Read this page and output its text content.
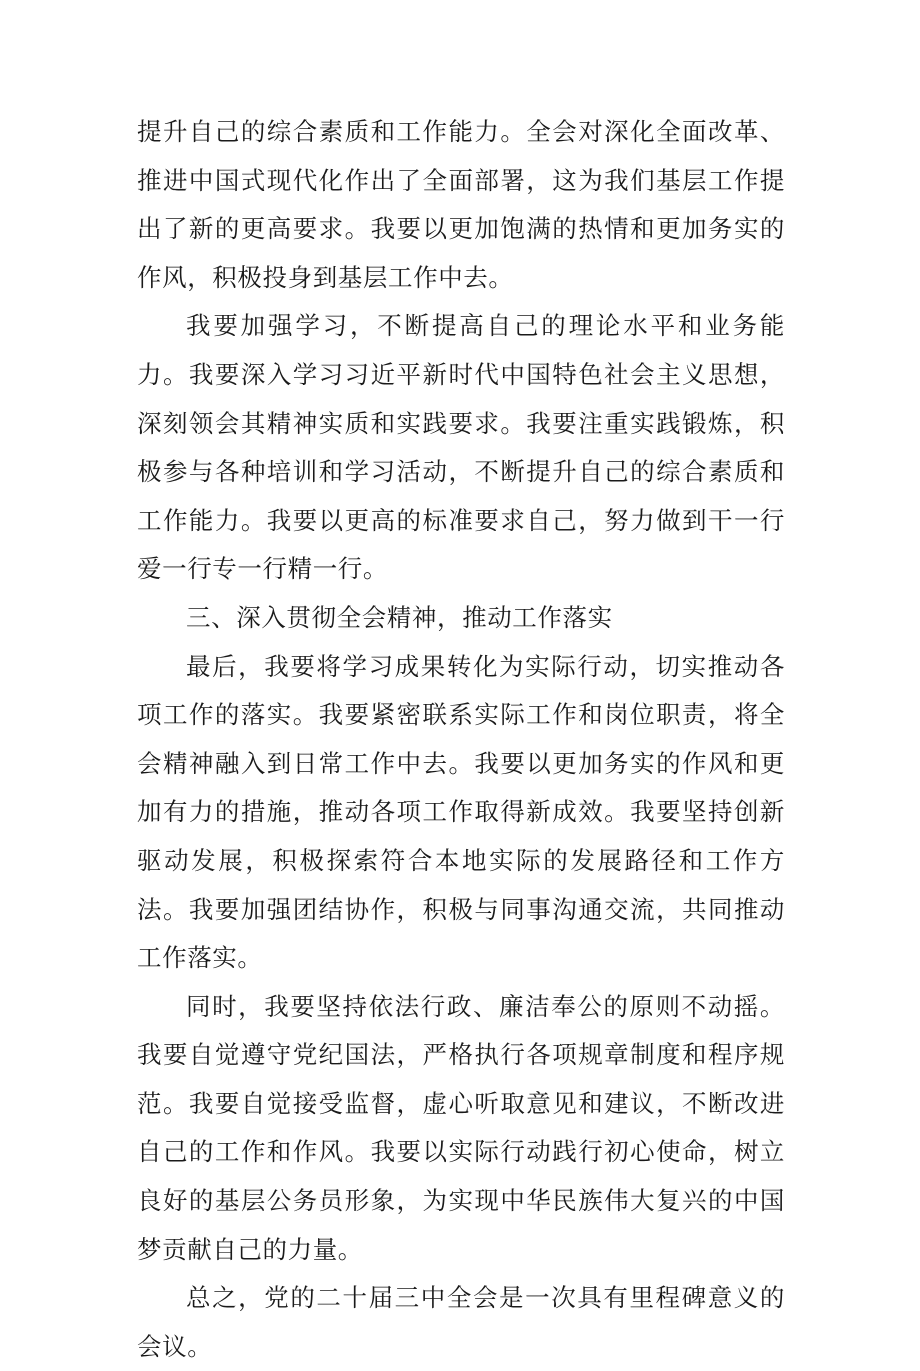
提升自己的综合素质和工作能力。全会对深化全面改革、推进中国式现代化作出了全面部署，这为我们基层工作提出了新的更高要求。我要以更加饱满的热情和更加务实的作风，积极投身到基层工作中去。

我要加强学习，不断提高自己的理论水平和业务能力。我要深入学习习近平新时代中国特色社会主义思想，深刻领会其精神实质和实践要求。我要注重实践锻炼，积极参与各种培训和学习活动，不断提升自己的综合素质和工作能力。我要以更高的标准要求自己，努力做到干一行爱一行专一行精一行。

三、深入贯彻全会精神，推动工作落实

最后，我要将学习成果转化为实际行动，切实推动各项工作的落实。我要紧密联系实际工作和岗位职责，将全会精神融入到日常工作中去。我要以更加务实的作风和更加有力的措施，推动各项工作取得新成效。我要坚持创新驱动发展，积极探索符合本地实际的发展路径和工作方法。我要加强团结协作，积极与同事沟通交流，共同推动工作落实。

同时，我要坚持依法行政、廉洁奉公的原则不动摇。我要自觉遵守党纪国法，严格执行各项规章制度和程序规范。我要自觉接受监督，虚心听取意见和建议，不断改进自己的工作和作风。我要以实际行动践行初心使命，树立良好的基层公务员形象，为实现中华民族伟大复兴的中国梦贡献自己的力量。

总之，党的二十届三中全会是一次具有里程碑意义的会议。
